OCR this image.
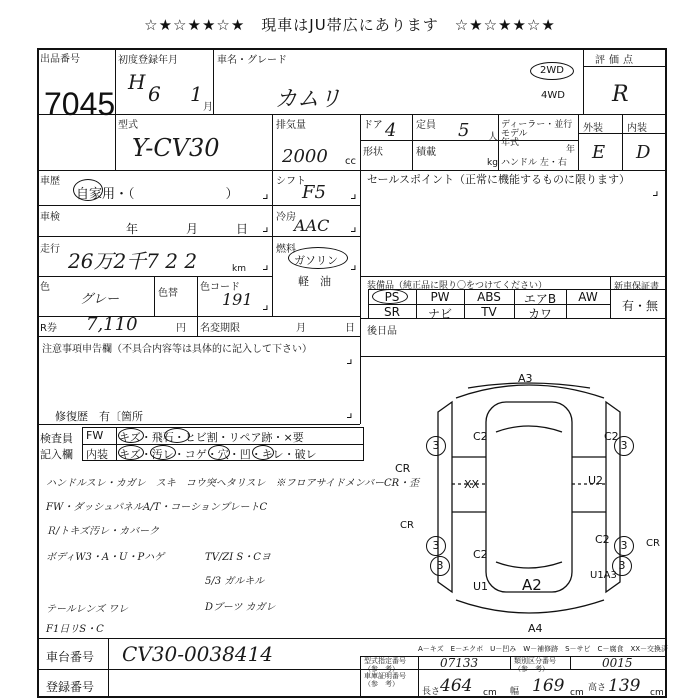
☆★☆★★☆★　現車はJU帯広にあります　☆★☆★★☆★
出品番号
7045
初度登録年月
H 6 1
月
車名・グレード
カムリ
2WD
4WD
評価点
R
型式
Y-CV30
排気量
2000 cc
ドア 4 定員 5 人
ディーラー・並行
モデル
年式
年
ハンドル 左・右
形状	積載
kg
外装 内装
E D
車歴
自家用・（　　　　　　　）
シフト
F5
車検
年	月	日
冷房
AAC
走行 26万2千7 2 2	km
燃料
ガソリン
軽　油
色
グレー	色替
色コード
191
R券 7,110	円 名変期限	月	日
⌟
⌟
⌟
⌟
⌟
⌟
⌟
セールスポイント（正常に機能するものに限ります）
⌟
装備品（純正品に限り〇をつけてください）	新車保証書
有・無
PS	PW	ABS	エアB	AW
SR	ナビ	TV	カワ
後日品
注意事項申告欄（不具合内容等は具体的に記入して下さい）
⌟
修復歴　有〔箇所	⌟
検査員
記入欄
FW キズ・飛石・ヒビ割・リペア跡・×要
内装 キズ・汚レ・コゲ・穴・凹・キレ・破レ
ハンドルスレ・カガレ　スキ　コウ突ヘタリスレ　※フロアサイドメンバーCR・歪
FW・ダッシュパネルA/T・コーションプレートC
Ｒ/トキズ汚レ・カバーク
ボディW3・A・U・Pハゲ	TV/ZI S・Cヨ
5/3 ガルキル
テールレンズ ワレ	Dブーツ カガレ
F1日リS・C
A3
C2	C2
CR
XX	U2
C2
C2
U1 A2
U1A3
A4
CR
CR
3	3
3	3
3	3
A－キズ　E－エクボ　U－凹み　W－補修跡　S－サビ　C－腐食　XX－交換済
車台番号 CV30-0038414
登録番号
型式指定番号
（参　考）	07133	類別区分番号
（参　考）	0015
車庫証明番号
（参　考）
長さ 464 cm 幅 169 cm 高さ 139 cm
